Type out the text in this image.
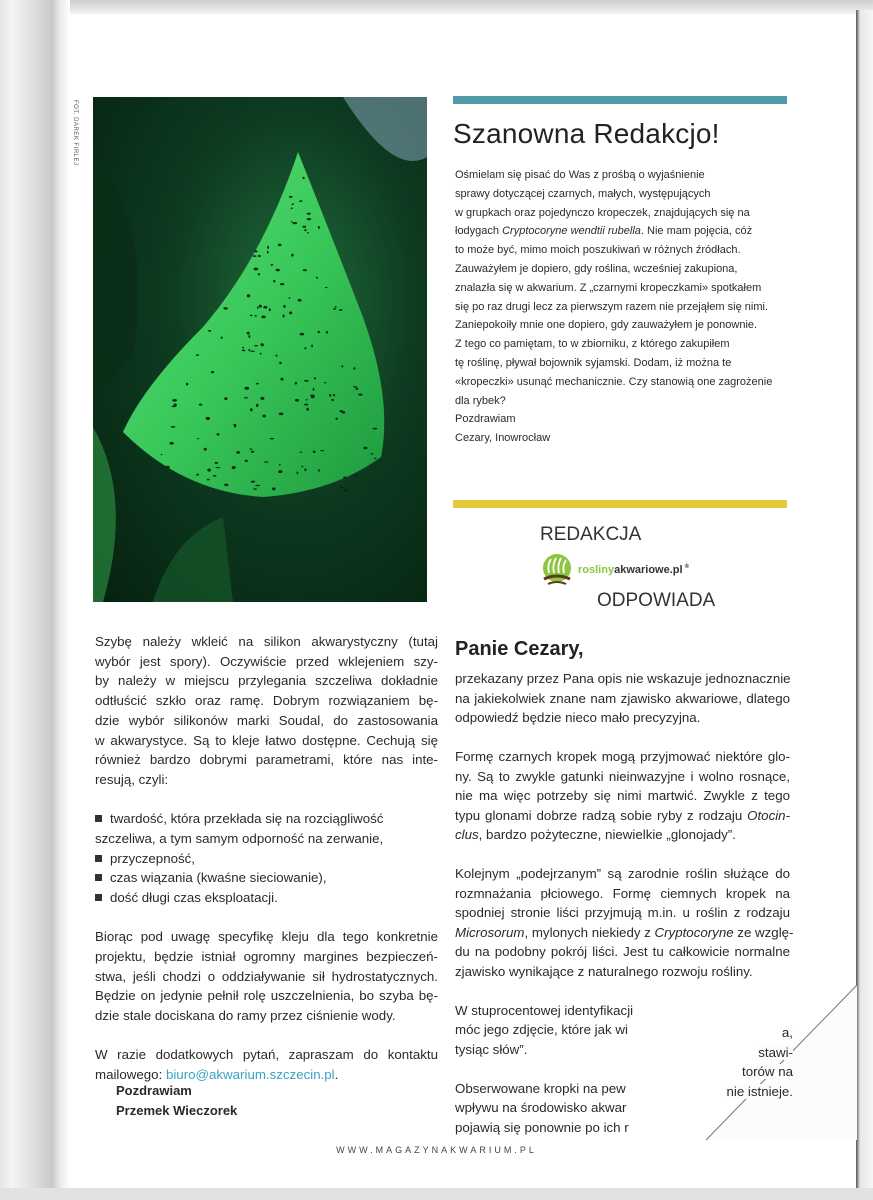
FOT. DAREK FIRLEJ	Szanowna Redakcjo!
Ośmielam się pisać do Was z prośbą o wyjaśnienie
sprawy dotyczącej czarnych, małych, występujących
w grupkach oraz pojedynczo kropeczek, znajdujących się na
łodygach Cryptocoryne wendtii rubella. Nie mam pojęcia, cóż
to może być, mimo moich poszukiwań w różnych źródłach.
Zauważyłem je dopiero, gdy roślina, wcześniej zakupiona,
znalazła się w akwarium. Z „czarnymi kropeczkami» spotkałem
się po raz drugi lecz za pierwszym razem nie przejąłem się nimi.
Zaniepokoiły mnie one dopiero, gdy zauważyłem je ponownie.
Z tego co pamiętam, to w zbiorniku, z którego zakupiłem
tę roślinę, pływał bojownik syjamski. Dodam, iż można te
«kropeczki» usunąć mechanicznie. Czy stanowią one zagrożenie
dla rybek?
Pozdrawiam
Cezary, Inowrocław
REDAKCJA
roslinyakwariowe.pl ®
ODPOWIADA
Panie Cezary,
przekazany przez Pana opis nie wskazuje jednoznacznie
na jakiekolwiek znane nam zjawisko akwariowe, dlatego
odpowiedź będzie nieco mało precyzyjna.
Formę czarnych kropek mogą przyjmować niektóre glo-
ny. Są to zwykle gatunki nieinwazyjne i wolno rosnące,
nie ma więc potrzeby się nimi martwić. Zwykle z tego
typu glonami dobrze radzą sobie ryby z rodzaju Otocin-
clus, bardzo pożyteczne, niewielkie „glonojady”.
Kolejnym „podejrzanym” są zarodnie roślin służące do
rozmnażania płciowego. Formę ciemnych kropek na
spodniej stronie liści przyjmują m.in. u roślin z rodzaju
Microsorum, mylonych niekiedy z Cryptocoryne ze wzglę-
du na podobny pokrój liści. Jest tu całkowicie normalne
zjawisko wynikające z naturalnego rozwoju rośliny.
W stuprocentowej identyfikacji
móc jego zdjęcie, które jak wi
tysiąc słów”.
Obserwowane kropki na pew
wpływu na środowisko akwar
pojawią się ponownie po ich r
Szybę należy wkleić na silikon akwarystyczny (tutaj
wybór jest spory). Oczywiście przed wklejeniem szy-
by należy w miejscu przylegania szczeliwa dokładnie
odtłuścić szkło oraz ramę. Dobrym rozwiązaniem bę-
dzie wybór silikonów marki Soudal, do zastosowania
w akwarystyce. Są to kleje łatwo dostępne. Cechują się
również bardzo dobrymi parametrami, które nas inte-
resują, czyli:
twardość, która przekłada się na rozciągliwość
szczeliwa, a tym samym odporność na zerwanie,
przyczepność,
czas wiązania (kwaśne sieciowanie),
dość długi czas eksploatacji.
Biorąc pod uwagę specyfikę kleju dla tego konkretnie
projektu, będzie istniał ogromny margines bezpieczeń-
stwa, jeśli chodzi o oddziaływanie sił hydrostatycznych.
Będzie on jedynie pełnił rolę uszczelnienia, bo szyba bę-
dzie stale dociskana do ramy przez ciśnienie wody.
W razie dodatkowych pytań, zapraszam do kontaktu
mailowego: biuro@akwarium.szczecin.pl.
Pozdrawiam
Przemek Wieczorek
WWW.MAGAZYNAKWARIUM.PL
a,
stawi-
torów na
nie istnieje.
